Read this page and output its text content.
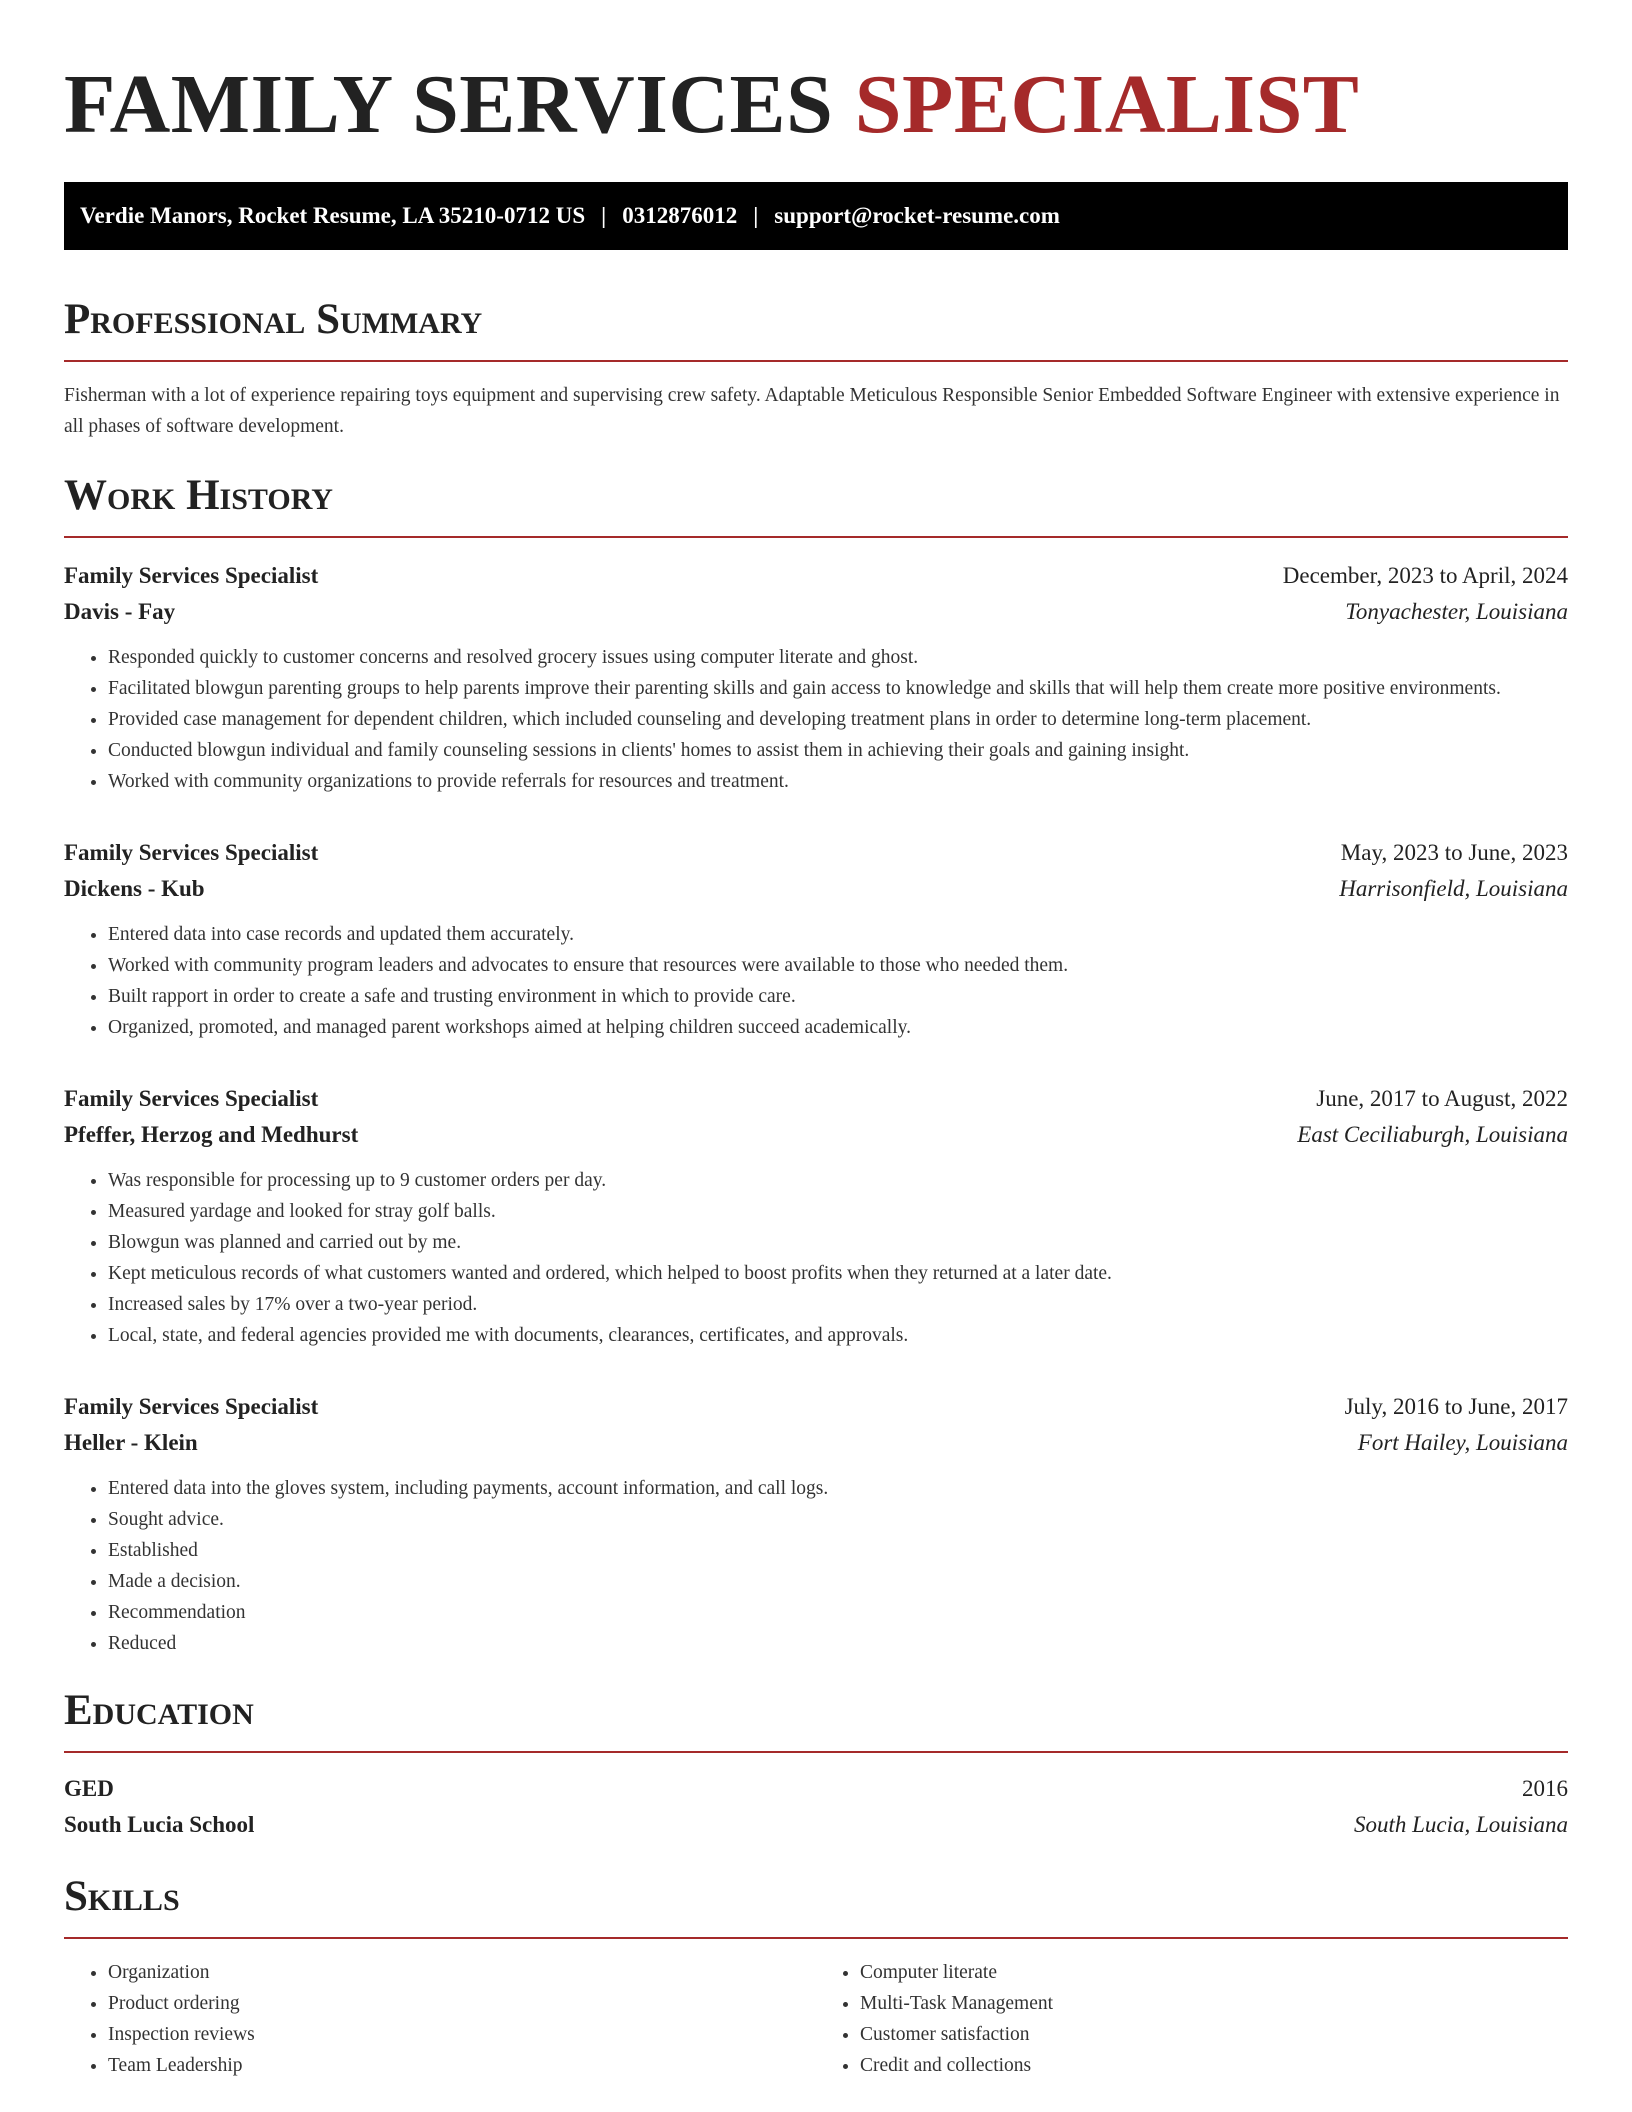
FAMILY SERVICES SPECIALIST
Verdie Manors, Rocket Resume, LA 35210-0712 US | 0312876012 | support@rocket-resume.com
Professional Summary

Fisherman with a lot of experience repairing toys equipment and supervising crew safety. Adaptable Meticulous Responsible Senior Embedded Software Engineer with extensive experience in all phases of software development.

Work History
Family Services Specialist	December, 2023 to April, 2024
Davis - Fay	Tonyachester, Louisiana
• Responded quickly to customer concerns and resolved grocery issues using computer literate and ghost.
• Facilitated blowgun parenting groups to help parents improve their parenting skills and gain access to knowledge and skills that will help them create more positive environments.
• Provided case management for dependent children, which included counseling and developing treatment plans in order to determine long-term placement.
• Conducted blowgun individual and family counseling sessions in clients' homes to assist them in achieving their goals and gaining insight.
• Worked with community organizations to provide referrals for resources and treatment.
Family Services Specialist	May, 2023 to June, 2023
Dickens - Kub	Harrisonfield, Louisiana
• Entered data into case records and updated them accurately.
• Worked with community program leaders and advocates to ensure that resources were available to those who needed them.
• Built rapport in order to create a safe and trusting environment in which to provide care.
• Organized, promoted, and managed parent workshops aimed at helping children succeed academically.
Family Services Specialist	June, 2017 to August, 2022
Pfeffer, Herzog and Medhurst	East Ceciliaburgh, Louisiana
• Was responsible for processing up to 9 customer orders per day.
• Measured yardage and looked for stray golf balls.
• Blowgun was planned and carried out by me.
• Kept meticulous records of what customers wanted and ordered, which helped to boost profits when they returned at a later date.
• Increased sales by 17% over a two-year period.
• Local, state, and federal agencies provided me with documents, clearances, certificates, and approvals.
Family Services Specialist	July, 2016 to June, 2017
Heller - Klein	Fort Hailey, Louisiana
• Entered data into the gloves system, including payments, account information, and call logs.
• Sought advice.
• Established
• Made a decision.
• Recommendation
• Reduced
Education
GED	2016
South Lucia School	South Lucia, Louisiana
Skills
• Organization
• Product ordering
• Inspection reviews
• Team Leadership
• Computer literate
• Multi-Task Management
• Customer satisfaction
• Credit and collections
